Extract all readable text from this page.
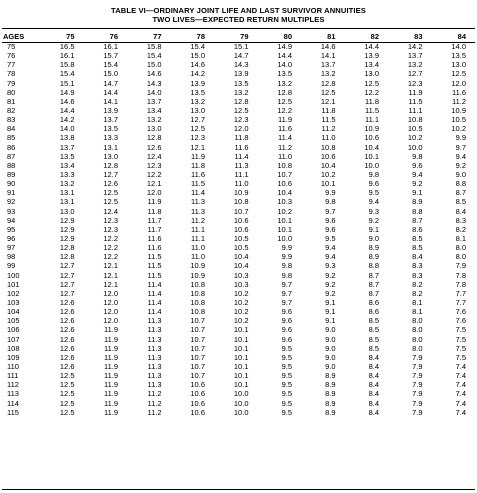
TABLE VI—ORDINARY JOINT LIFE AND LAST SURVIVOR ANNUITIES
TWO LIVES—EXPECTED RETURN MULTIPLES
AGES	75	76	77	78	79	80	81	82	83	84
75	16.5	16.1	15.8	15.4	15.1	14.9	14.6	14.4	14.2	14.0
76	16.1	15.7	15.4	15.0	14.7	14.4	14.1	13.9	13.7	13.5
77	15.8	15.4	15.0	14.6	14.3	14.0	13.7	13.4	13.2	13.0
78	15.4	15.0	14.6	14.2	13.9	13.5	13.2	13.0	12.7	12.5
79	15.1	14.7	14.3	13.9	13.5	13.2	12.8	12.5	12.3	12.0
80	14.9	14.4	14.0	13.5	13.2	12.8	12.5	12.2	11.9	11.6
81	14.6	14.1	13.7	13.2	12.8	12.5	12.1	11.8	11.5	11.2
82	14.4	13.9	13.4	13.0	12.5	12.2	11.8	11.5	11.1	10.9
83	14.2	13.7	13.2	12.7	12.3	11.9	11.5	11.1	10.8	10.5
84	14.0	13.5	13.0	12.5	12.0	11.6	11.2	10.9	10.5	10.2
85	13.8	13.3	12.8	12.3	11.8	11.4	11.0	10.6	10.2	9.9
86	13.7	13.1	12.6	12.1	11.6	11.2	10.8	10.4	10.0	9.7
87	13.5	13.0	12.4	11.9	11.4	11.0	10.6	10.1	9.8	9.4
88	13.4	12.8	12.3	11.8	11.3	10.8	10.4	10.0	9.6	9.2
89	13.3	12.7	12.2	11.6	11.1	10.7	10.2	9.8	9.4	9.0
90	13.2	12.6	12.1	11.5	11.0	10.6	10.1	9.6	9.2	8.8
91	13.1	12.5	12.0	11.4	10.9	10.4	9.9	9.5	9.1	8.7
92	13.1	12.5	11.9	11.3	10.8	10.3	9.8	9.4	8.9	8.5
93	13.0	12.4	11.8	11.3	10.7	10.2	9.7	9.3	8.8	8.4
94	12.9	12.3	11.7	11.2	10.6	10.1	9.6	9.2	8.7	8.3
95	12.9	12.3	11.7	11.1	10.6	10.1	9.6	9.1	8.6	8.2
96	12.9	12.2	11.6	11.1	10.5	10.0	9.5	9.0	8.5	8.1
97	12.8	12.2	11.6	11.0	10.5	9.9	9.4	8.9	8.5	8.0
98	12.8	12.2	11.5	11.0	10.4	9.9	9.4	8.9	8.4	8.0
99	12.7	12.1	11.5	10.9	10.4	9.8	9.3	8.8	8.3	7.9
100	12.7	12.1	11.5	10.9	10.3	9.8	9.2	8.7	8.3	7.8
101	12.7	12.1	11.4	10.8	10.3	9.7	9.2	8.7	8.2	7.8
102	12.7	12.0	11.4	10.8	10.2	9.7	9.2	8.7	8.2	7.7
103	12.6	12.0	11.4	10.8	10.2	9.7	9.1	8.6	8.1	7.7
104	12.6	12.0	11.4	10.8	10.2	9.6	9.1	8.6	8.1	7.6
105	12.6	12.0	11.3	10.7	10.2	9.6	9.1	8.5	8.0	7.6
106	12.6	11.9	11.3	10.7	10.1	9.6	9.0	8.5	8.0	7.5
107	12.6	11.9	11.3	10.7	10.1	9.6	9.0	8.5	8.0	7.5
108	12.6	11.9	11.3	10.7	10.1	9.5	9.0	8.5	8.0	7.5
109	12.6	11.9	11.3	10.7	10.1	9.5	9.0	8.4	7.9	7.5
110	12.6	11.9	11.3	10.7	10.1	9.5	9.0	8.4	7.9	7.4
111	12.5	11.9	11.3	10.7	10.1	9.5	8.9	8.4	7.9	7.4
112	12.5	11.9	11.3	10.6	10.1	9.5	8.9	8.4	7.9	7.4
113	12.5	11.9	11.2	10.6	10.0	9.5	8.9	8.4	7.9	7.4
114	12.5	11.9	11.2	10.6	10.0	9.5	8.9	8.4	7.9	7.4
115	12.5	11.9	11.2	10.6	10.0	9.5	8.9	8.4	7.9	7.4
